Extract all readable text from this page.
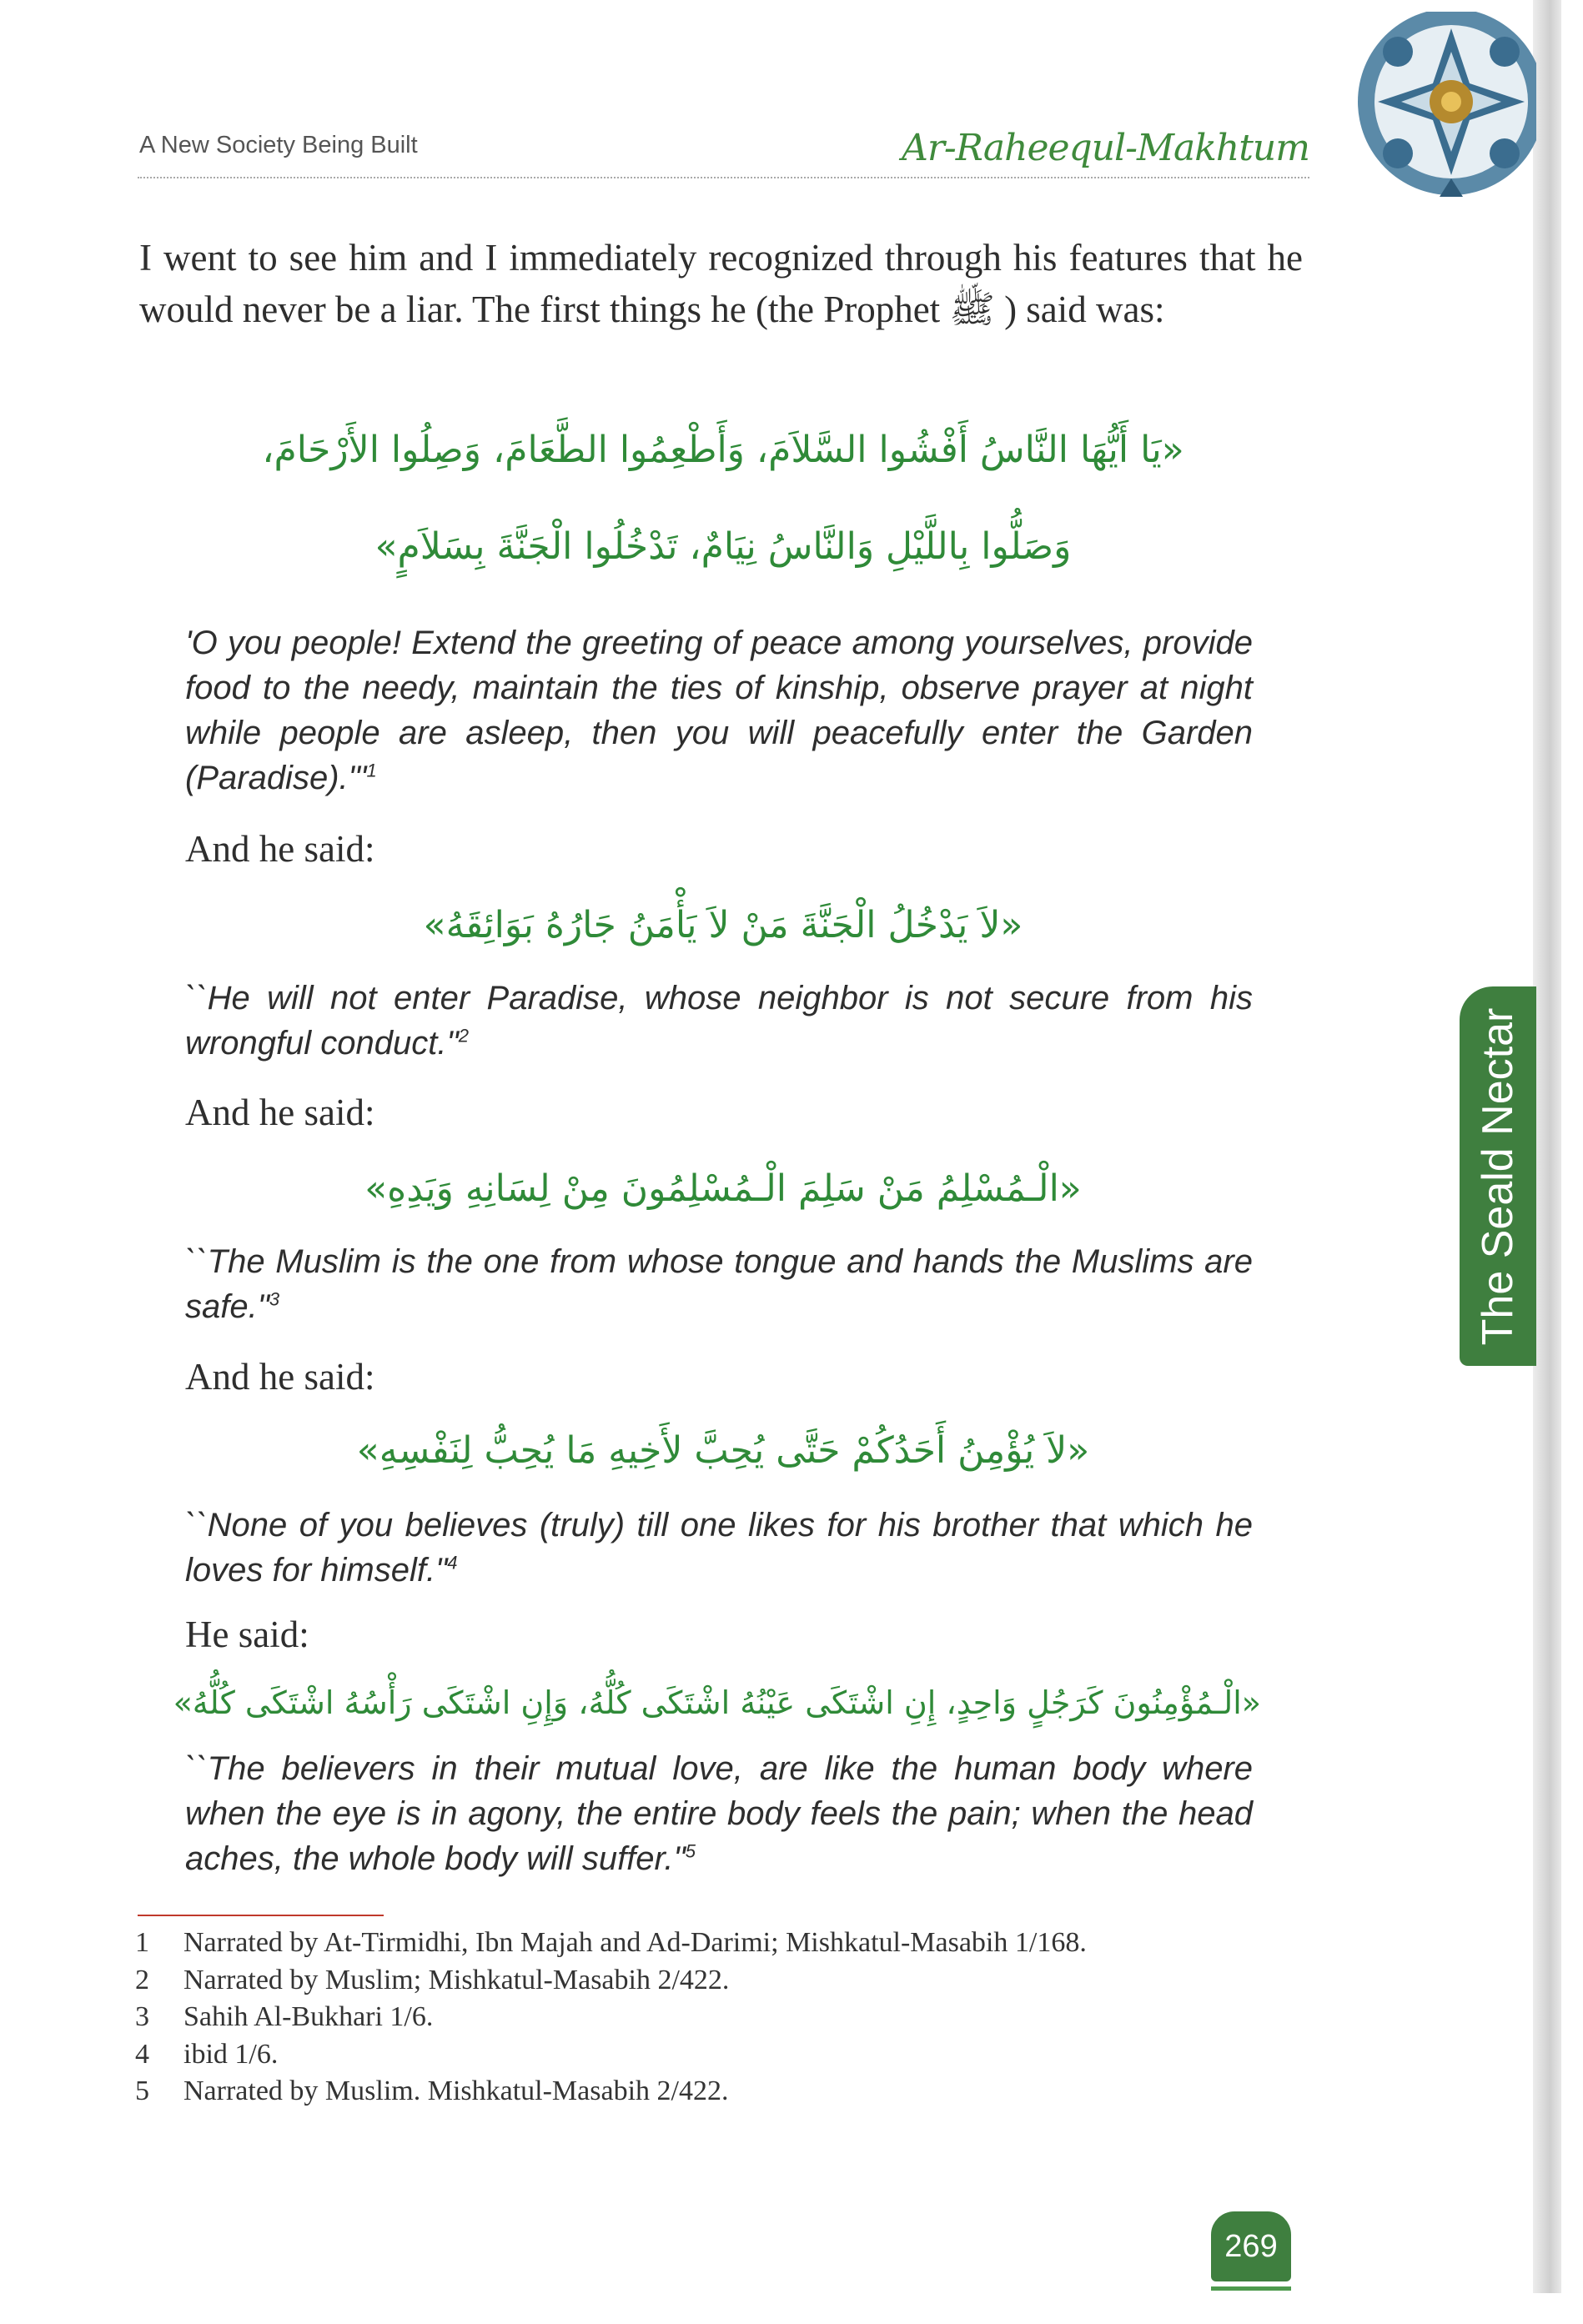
A New Society Being Built	Ar-Raheequl-Makhtum

I went to see him and I immediately recognized through his features that he would never be a liar. The first things he (the Prophet ﷺ ) said was:

«يَا أَيُّهَا النَّاسُ أَفْشُوا السَّلاَمَ، وَأَطْعِمُوا الطَّعَامَ، وَصِلُوا الأَرْحَامَ،
وَصَلُّوا بِاللَّيْلِ وَالنَّاسُ نِيَامٌ، تَدْخُلُوا الْجَنَّةَ بِسَلاَمٍ»

'O you people! Extend the greeting of peace among yourselves, provide food to the needy, maintain the ties of kinship, observe prayer at night while people are asleep, then you will peacefully enter the Garden $(Paradise)."'^1$

And he said:

«لاَ يَدْخُلُ الْجَنَّةَ مَنْ لاَ يَأْمَنُ جَارُهُ بَوَائِقَهُ»

``He will not enter Paradise, whose neighbor is not secure from his wrongful conduct."$^2$

And he said:

«الْـمُسْلِمُ مَنْ سَلِمَ الْـمُسْلِمُونَ مِنْ لِسَانِهِ وَيَدِهِ»

``The Muslim is the one from whose tongue and hands the Muslims are safe."$^3$

And he said:

«لاَ يُؤْمِنُ أَحَدُكُمْ حَتَّى يُحِبَّ لأَخِيهِ مَا يُحِبُّ لِنَفْسِهِ»

``None of you believes (truly) till one likes for his brother that which he loves for himself."$^4$

He said:

«الْـمُؤْمِنُونَ كَرَجُلٍ وَاحِدٍ، إِنِ اشْتَكَى عَيْنُهُ اشْتَكَى كُلُّهُ، وَإِنِ اشْتَكَى رَأْسُهُ اشْتَكَى كُلُّهُ»

``The believers in their mutual love, are like the human body where when the eye is in agony, the entire body feels the pain; when the head aches, the whole body will suffer."$^5$

1	Narrated by At-Tirmidhi, Ibn Majah and Ad-Darimi; Mishkatul-Masabih 1/168.
2	Narrated by Muslim; Mishkatul-Masabih 2/422.
3	Sahih Al-Bukhari 1/6.
4	ibid 1/6.
5	Narrated by Muslim. Mishkatul-Masabih 2/422.
The Seald Nectar
269
